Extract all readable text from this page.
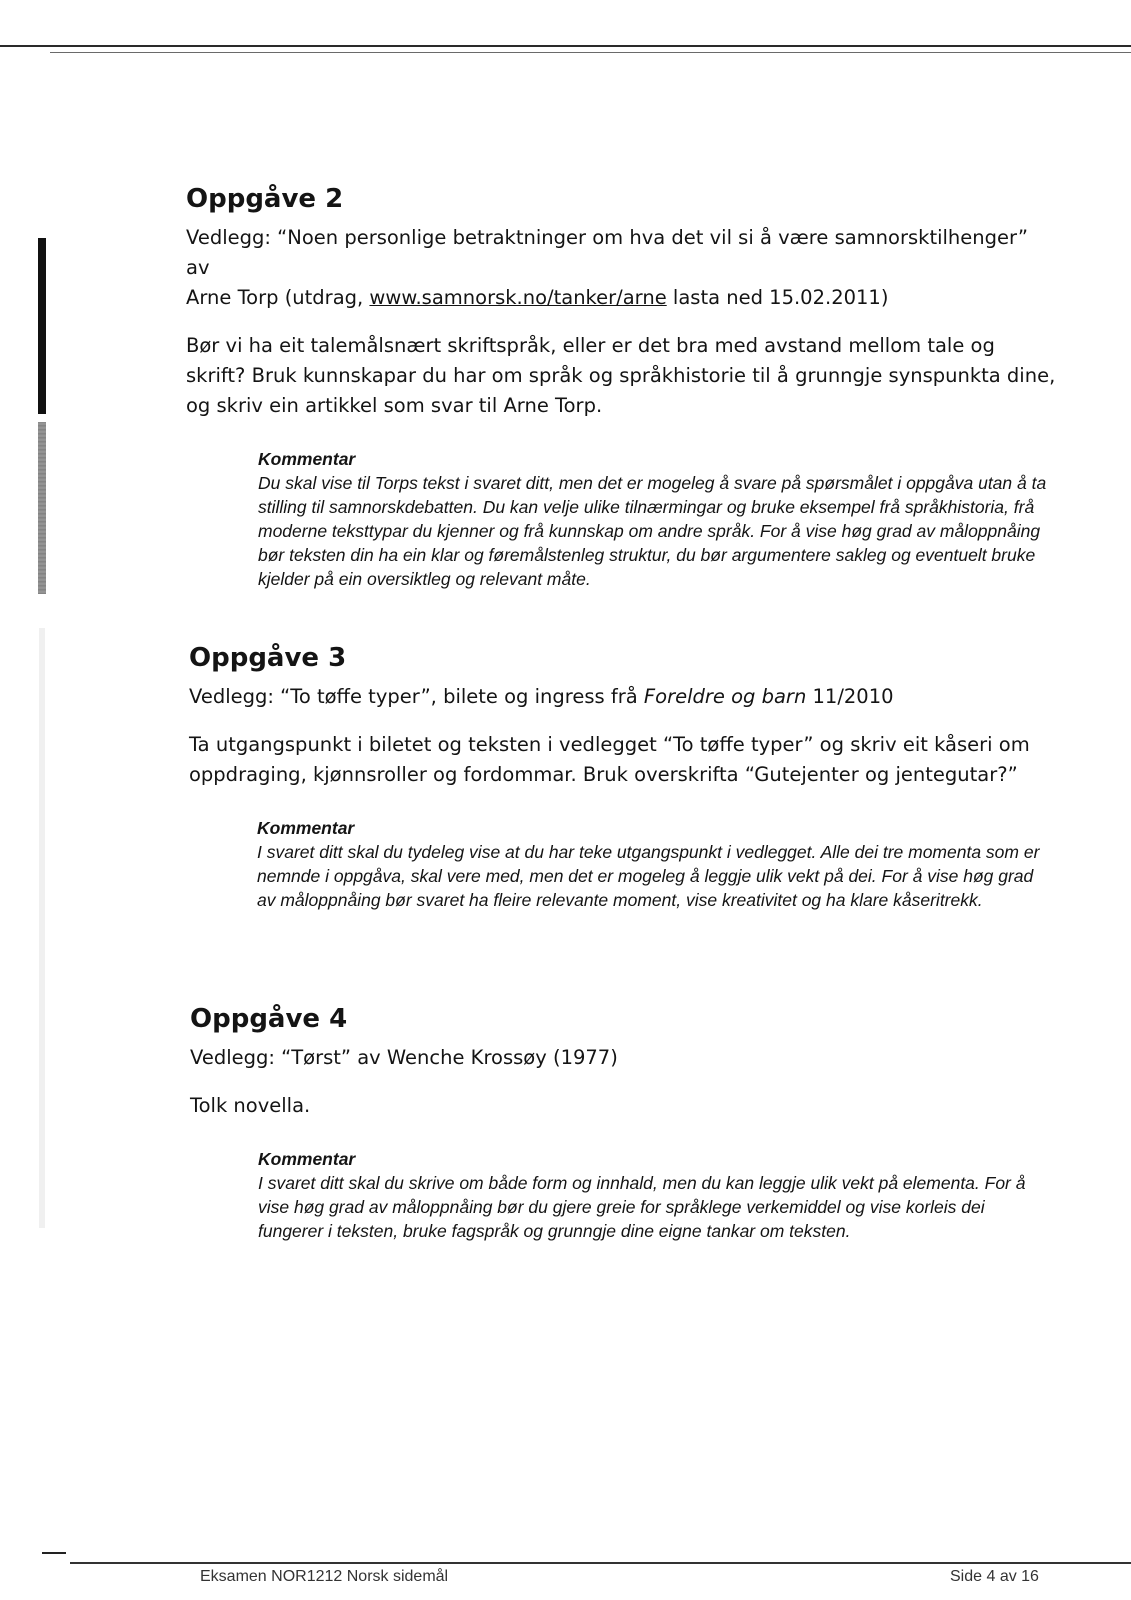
Oppgåve 2

Vedlegg: “Noen personlige betraktninger om hva det vil si å være samnorsktilhenger” av
Arne Torp (utdrag, www.samnorsk.no/tanker/arne lasta ned 15.02.2011)

Bør vi ha eit talemålsnært skriftspråk, eller er det bra med avstand mellom tale og skrift? Bruk kunnskapar du har om språk og språkhistorie til å grunngje synspunkta dine, og skriv ein artikkel som svar til Arne Torp.

Kommentar
Du skal vise til Torps tekst i svaret ditt, men det er mogeleg å svare på spørsmålet i oppgåva utan å ta stilling til samnorskdebatten. Du kan velje ulike tilnærmingar og bruke eksempel frå språkhistoria, frå moderne teksttypar du kjenner og frå kunnskap om andre språk. For å vise høg grad av måloppnåing bør teksten din ha ein klar og føremålstenleg struktur, du bør argumentere sakleg og eventuelt bruke kjelder på ein oversiktleg og relevant måte.
Oppgåve 3

Vedlegg: “To tøffe typer”, bilete og ingress frå Foreldre og barn 11/2010

Ta utgangspunkt i biletet og teksten i vedlegget “To tøffe typer” og skriv eit kåseri om oppdraging, kjønnsroller og fordommar. Bruk overskrifta “Gutejenter og jentegutar?”

Kommentar
I svaret ditt skal du tydeleg vise at du har teke utgangspunkt i vedlegget. Alle dei tre momenta som er nemnde i oppgåva, skal vere med, men det er mogeleg å leggje ulik vekt på dei. For å vise høg grad av måloppnåing bør svaret ha fleire relevante moment, vise kreativitet og ha klare kåseritrekk.
Oppgåve 4

Vedlegg: “Tørst” av Wenche Krossøy (1977)

Tolk novella.

Kommentar
I svaret ditt skal du skrive om både form og innhald, men du kan leggje ulik vekt på elementa. For å vise høg grad av måloppnåing bør du gjere greie for språklege verkemiddel og vise korleis dei fungerer i teksten, bruke fagspråk og grunngje dine eigne tankar om teksten.
Eksamen NOR1212 Norsk sidemål	Side 4 av 16
